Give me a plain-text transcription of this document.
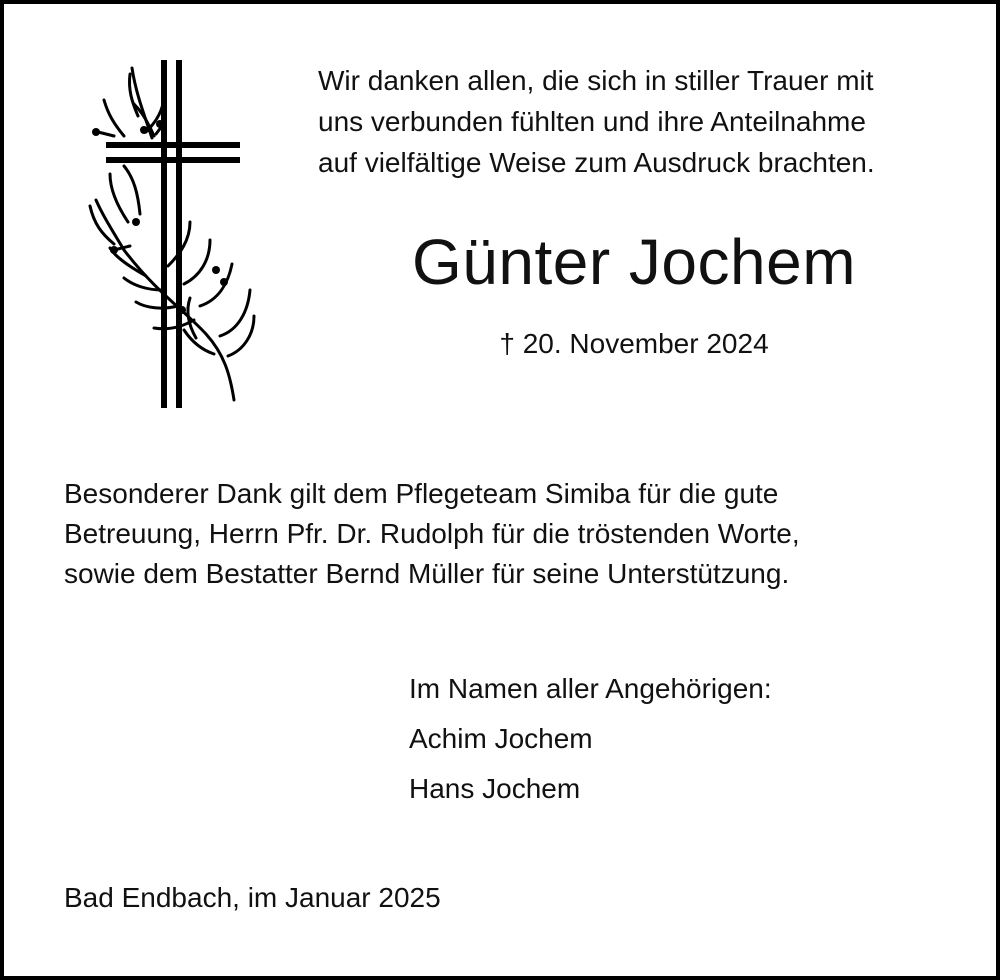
Wir danken allen, die sich in stiller Trauer mit
uns verbunden fühlten und ihre Anteilnahme
auf vielfältige Weise zum Ausdruck brachten.
Günter Jochem
† 20. November 2024
Besonderer Dank gilt dem Pflegeteam Simiba für die gute
Betreuung, Herrn Pfr. Dr. Rudolph für die tröstenden Worte,
sowie dem Bestatter Bernd Müller für seine Unterstützung.
Im Namen aller Angehörigen:
Achim Jochem
Hans Jochem
Bad Endbach, im Januar 2025
